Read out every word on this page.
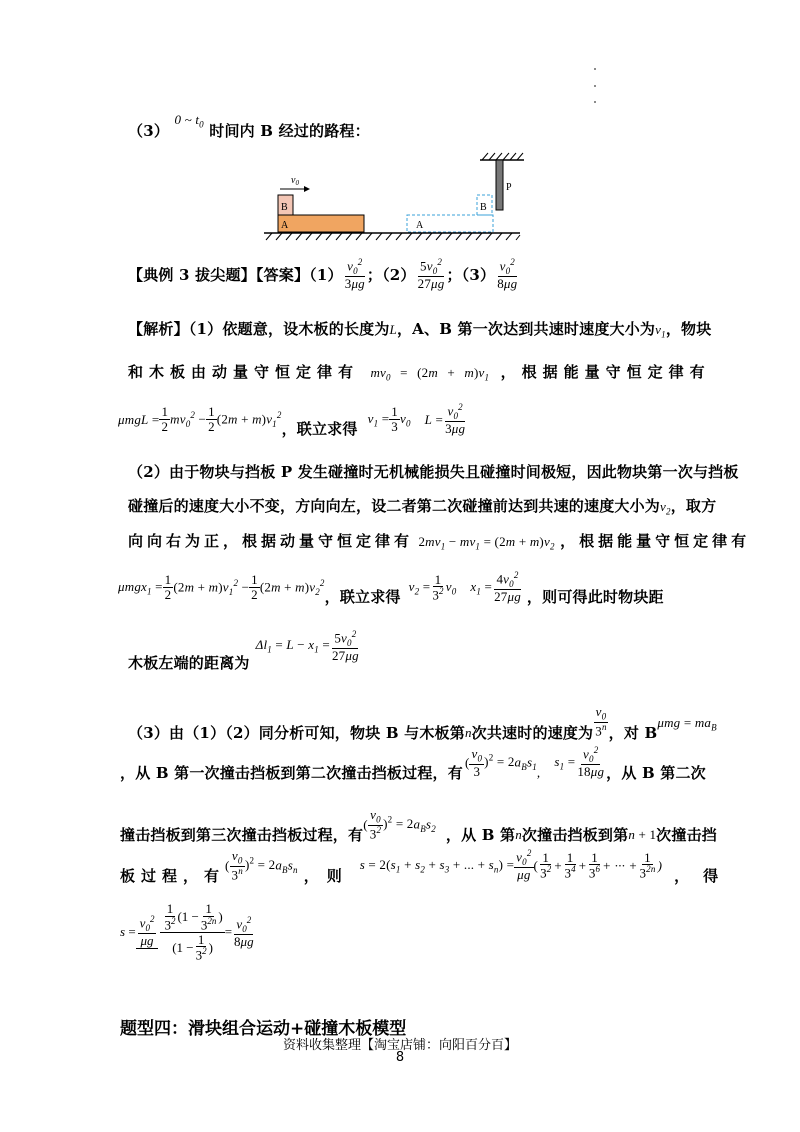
（3） 0 ~ $t_0$ 时间内 B 经过的路程：
P
$v_0$
B
A	A
B
【典例 3 拔尖题】【答案】$(1) \frac{v_0^2}{3\mu g}$ ；$(2) \frac{5v_0^2}{27\mu g}$ ；$(3) \frac{v_0^2}{8\mu g}$
【解析】（1）依题意，设木板的长度为L，A、B 第一次达到共速时速度大小为$v_1$，物块
和木板由动量守恒定律有 $mv_0 = (2m + m)v_1$ ，根据能量守恒定律有
$\mu mgL = \frac{1}{2} mv_0^2 - \frac{1}{2} (2m + m)v_1^2$
，联立求得
$v_1 = \frac{1}{3} v_0$ $L = \frac{v_0^2}{3\mu g}$
（2）由于物块与挡板 P 发生碰撞时无机械能损失且碰撞时间极短，因此物块第一次与挡板
碰撞后的速度大小不变，方向向左，设二者第二次碰撞前达到共速的速度大小为$v_2$，取方
向向右为正，根据动量守恒定律有 $2mv_1 - mv_1 = (2m + m)v_2$ ，根据能量守恒定律有
$\mu mgx_1 = \frac{1}{2} (2m + m)v_1^2 - \frac{1}{2} (2m + m)v_2^2$
，联立求得
$v_2 = \frac{1}{3^2} v_0$ $x_1 = \frac{4v_0^2}{27\mu g}$ ，则可得此时物块距
木板左端的距离为
$\Delta l_1 = L - x_1 = \frac{5v_0^2}{27\mu g}$
（3）由（1）（2）同分析可知，物块 B 与木板第 n 次共速时的速度为 $\frac{v_0}{3^n}$ ，对 B
$\mu mg = ma_B$
，从 B 第一次撞击挡板到第二次撞击挡板过程，有
( $\frac{v_0}{3} )^2 = 2a_Bs_1$ ,
$s_1 = \frac{v_0^2}{18\mu g}$ ，从 B 第二次
撞击挡板到第三次撞击挡板过程，有
( $\frac{v_0}{3^2} )^2 = 2a_Bs_2$ ，从 B 第 n 次撞击挡板到第 n + 1 次撞击挡
板过程，有
( $\frac{v_0}{3^n} )^2 = 2a_Bs_n$ ，则
$s = 2(s_1 + s_2 + s_3$ + ... + $s_n) = \frac{v_0^2}{\mu g}$ ( $\frac{1}{3^2} + \frac{1}{3^4} + \frac{1}{3^6}$ + ··· + $\frac{1}{3^{2n}}$ )
，得
$s = \frac{v_0^2}{\mu g} \frac{\frac{1}{3^2} (1 - \frac{1}{3^{2n}} )}{(1 - \frac{1}{3^2} )} = \frac{v_0^2}{8\mu g}$
题型四：滑块组合运动+碰撞木板模型
资料收集整理【淘宝店铺：向阳百分百】
8
